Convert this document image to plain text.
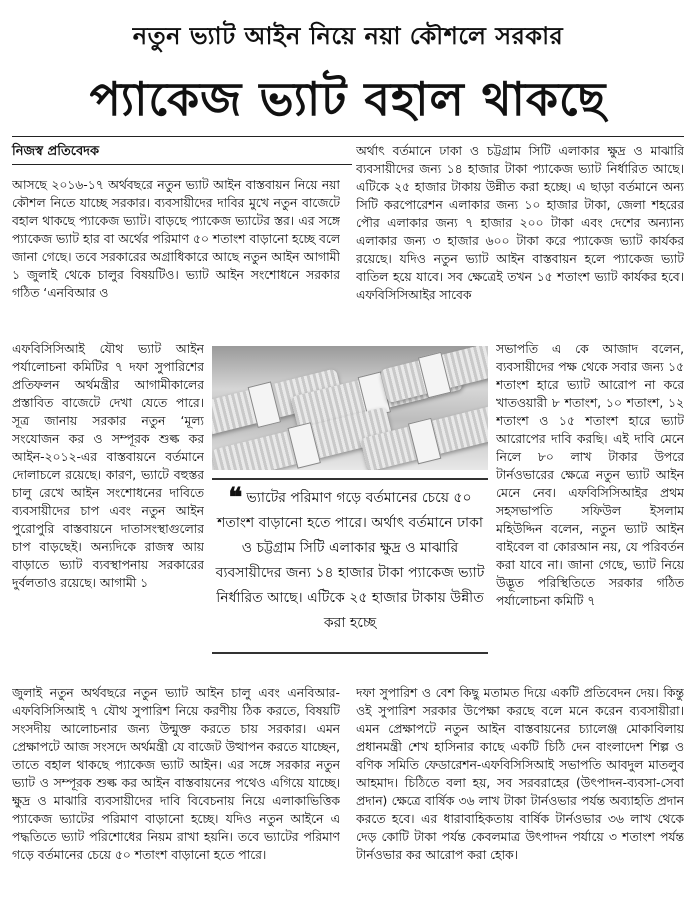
নতুন ভ্যাট আইন নিয়ে নয়া কৌশলে সরকার
প্যাকেজ ভ্যাট বহাল থাকছে
নিজস্ব প্রতিবেদক

আসছে ২০১৬-১৭ অর্থবছরে নতুন ভ্যাট আইন বাস্তবায়ন নিয়ে নয়া কৌশল নিতে যাচ্ছে সরকার। ব্যবসায়ীদের দাবির মুখে নতুন বাজেটে বহাল থাকছে প্যাকেজ ভ্যাট। বাড়ছে প্যাকেজ ভ্যাটের স্তর। এর সঙ্গে প্যাকেজ ভ্যাট হার বা অর্থের পরিমাণ ৫০ শতাংশ বাড়ানো হচ্ছে বলে জানা গেছে। তবে সরকারের অগ্রাধিকারে আছে নতুন আইন আগামী ১ জুলাই থেকে চালুর বিষয়টিও। ভ্যাট আইন সংশোধনে সরকার গঠিত ‘এনবিআর ও

এফবিসিসিআই যৌথ ভ্যাট আইন পর্যালোচনা কমিটির ৭ দফা সুপারিশের প্রতিফলন অর্থমন্ত্রীর আগামীকালের প্রস্তাবিত বাজেটে দেখা যেতে পারে। সূত্র জানায় সরকার নতুন ‘মূল্য সংযোজন কর ও সম্পূরক শুল্ক কর আইন-২০১২-এর বাস্তবায়নে বর্তমানে দোলাচলে রয়েছে। কারণ, ভ্যাটে বহুস্তর চালু রেখে আইন সংশোধনের দাবিতে ব্যবসায়ীদের চাপ এবং নতুন আইন পুরোপুরি বাস্তবায়নে দাতাসংস্থাগুলোর চাপ বাড়ছেই। অন্যদিকে রাজস্ব আয় বাড়াতে ভ্যাট ব্যবস্থাপনায় সরকারের দুর্বলতাও রয়েছে। আগামী ১

জুলাই নতুন অর্থবছরে নতুন ভ্যাট আইন চালু এবং এনবিআর-এফবিসিসিআই ৭ যৌথ সুপারিশ নিয়ে করণীয় ঠিক করতে, বিষয়টি সংসদীয় আলোচনার জন্য উন্মুক্ত করতে চায় সরকার। এমন প্রেক্ষাপটে আজ সংসদে অর্থমন্ত্রী যে বাজেট উত্থাপন করতে যাচ্ছেন, তাতে বহাল থাকছে প্যাকেজ ভ্যাট আইন। এর সঙ্গে সরকার নতুন ভ্যাট ও সম্পূরক শুল্ক কর আইন বাস্তবায়নের পথেও এগিয়ে যাচ্ছে। ক্ষুদ্র ও মাঝারি ব্যবসায়ীদের দাবি বিবেচনায় নিয়ে এলাকাভিত্তিক প্যাকেজ ভ্যাটের পরিমাণ বাড়ানো হচ্ছে। যদিও নতুন আইনে এ পদ্ধতিতে ভ্যাট পরিশোধের নিয়ম রাখা হয়নি। তবে ভ্যাটের পরিমাণ গড়ে বর্তমানের চেয়ে ৫০ শতাংশ বাড়ানো হতে পারে।

অর্থাৎ বর্তমানে ঢাকা ও চট্টগ্রাম সিটি এলাকার ক্ষুদ্র ও মাঝারি ব্যবসায়ীদের জন্য ১৪ হাজার টাকা প্যাকেজ ভ্যাট নির্ধারিত আছে। এটিকে ২৫ হাজার টাকায় উন্নীত করা হচ্ছে। এ ছাড়া বর্তমানে অন্য সিটি করপোরেশন এলাকার জন্য ১০ হাজার টাকা, জেলা শহরের পৌর এলাকার জন্য ৭ হাজার ২০০ টাকা এবং দেশের অন্যান্য এলাকার জন্য ৩ হাজার ৬০০ টাকা করে প্যাকেজ ভ্যাট কার্যকর রয়েছে। যদিও নতুন ভ্যাট আইন বাস্তবায়ন হলে প্যাকেজ ভ্যাট বাতিল হয়ে যাবে। সব ক্ষেত্রেই তখন ১৫ শতাংশ ভ্যাট কার্যকর হবে। এফবিসিসিআইর সাবেক

সভাপতি এ কে আজাদ বলেন, ব্যবসায়ীদের পক্ষ থেকে সবার জন্য ১৫ শতাংশ হারে ভ্যাট আরোপ না করে খাতওয়ারী ৮ শতাংশ, ১০ শতাংশ, ১২ শতাংশ ও ১৫ শতাংশ হারে ভ্যাট আরোপের দাবি করছি। এই দাবি মেনে নিলে ৮০ লাখ টাকার উপরে টার্নওভারের ক্ষেত্রে নতুন ভ্যাট আইন মেনে নেব। এফবিসিসিআইর প্রথম সহসভাপতি সফিউল ইসলাম মহিউদ্দিন বলেন, নতুন ভ্যাট আইন বাইবেল বা কোরআন নয়, যে পরিবর্তন করা যাবে না। জানা গেছে, ভ্যাট নিয়ে উদ্ভূত পরিস্থিতিতে সরকার গঠিত পর্যালোচনা কমিটি ৭

দফা সুপারিশ ও বেশ কিছু মতামত দিয়ে একটি প্রতিবেদন দেয়। কিন্তু ওই সুপারিশ সরকার উপেক্ষা করছে বলে মনে করেন ব্যবসায়ীরা। এমন প্রেক্ষাপটে নতুন আইন বাস্তবায়নের চ্যালেঞ্জ মোকাবিলায় প্রধানমন্ত্রী শেখ হাসিনার কাছে একটি চিঠি দেন বাংলাদেশ শিল্প ও বণিক সমিতি ফেডারেশন-এফবিসিসিআই সভাপতি আবদুল মাতলুব আহমাদ। চিঠিতে বলা হয়, সব সরবরাহের (উৎপাদন-ব্যবসা-সেবা প্রদান) ক্ষেত্রে বার্ষিক ৩৬ লাখ টাকা টার্নওভার পর্যন্ত অব্যাহতি প্রদান করতে হবে। এর ধারাবাহিকতায় বার্ষিক টার্নওভার ৩৬ লাখ থেকে দেড় কোটি টাকা পর্যন্ত কেবলমাত্র উৎপাদন পর্যায়ে ৩ শতাংশ পর্যন্ত টার্নওভার কর আরোপ করা হোক।

❝ ভ্যাটের পরিমাণ গড়ে বর্তমানের চেয়ে ৫০ শতাংশ বাড়ানো হতে পারে। অর্থাৎ বর্তমানে ঢাকা ও চট্টগ্রাম সিটি এলাকার ক্ষুদ্র ও মাঝারি ব্যবসায়ীদের জন্য ১৪ হাজার টাকা প্যাকেজ ভ্যাট নির্ধারিত আছে। এটিকে ২৫ হাজার টাকায় উন্নীত করা হচ্ছে
